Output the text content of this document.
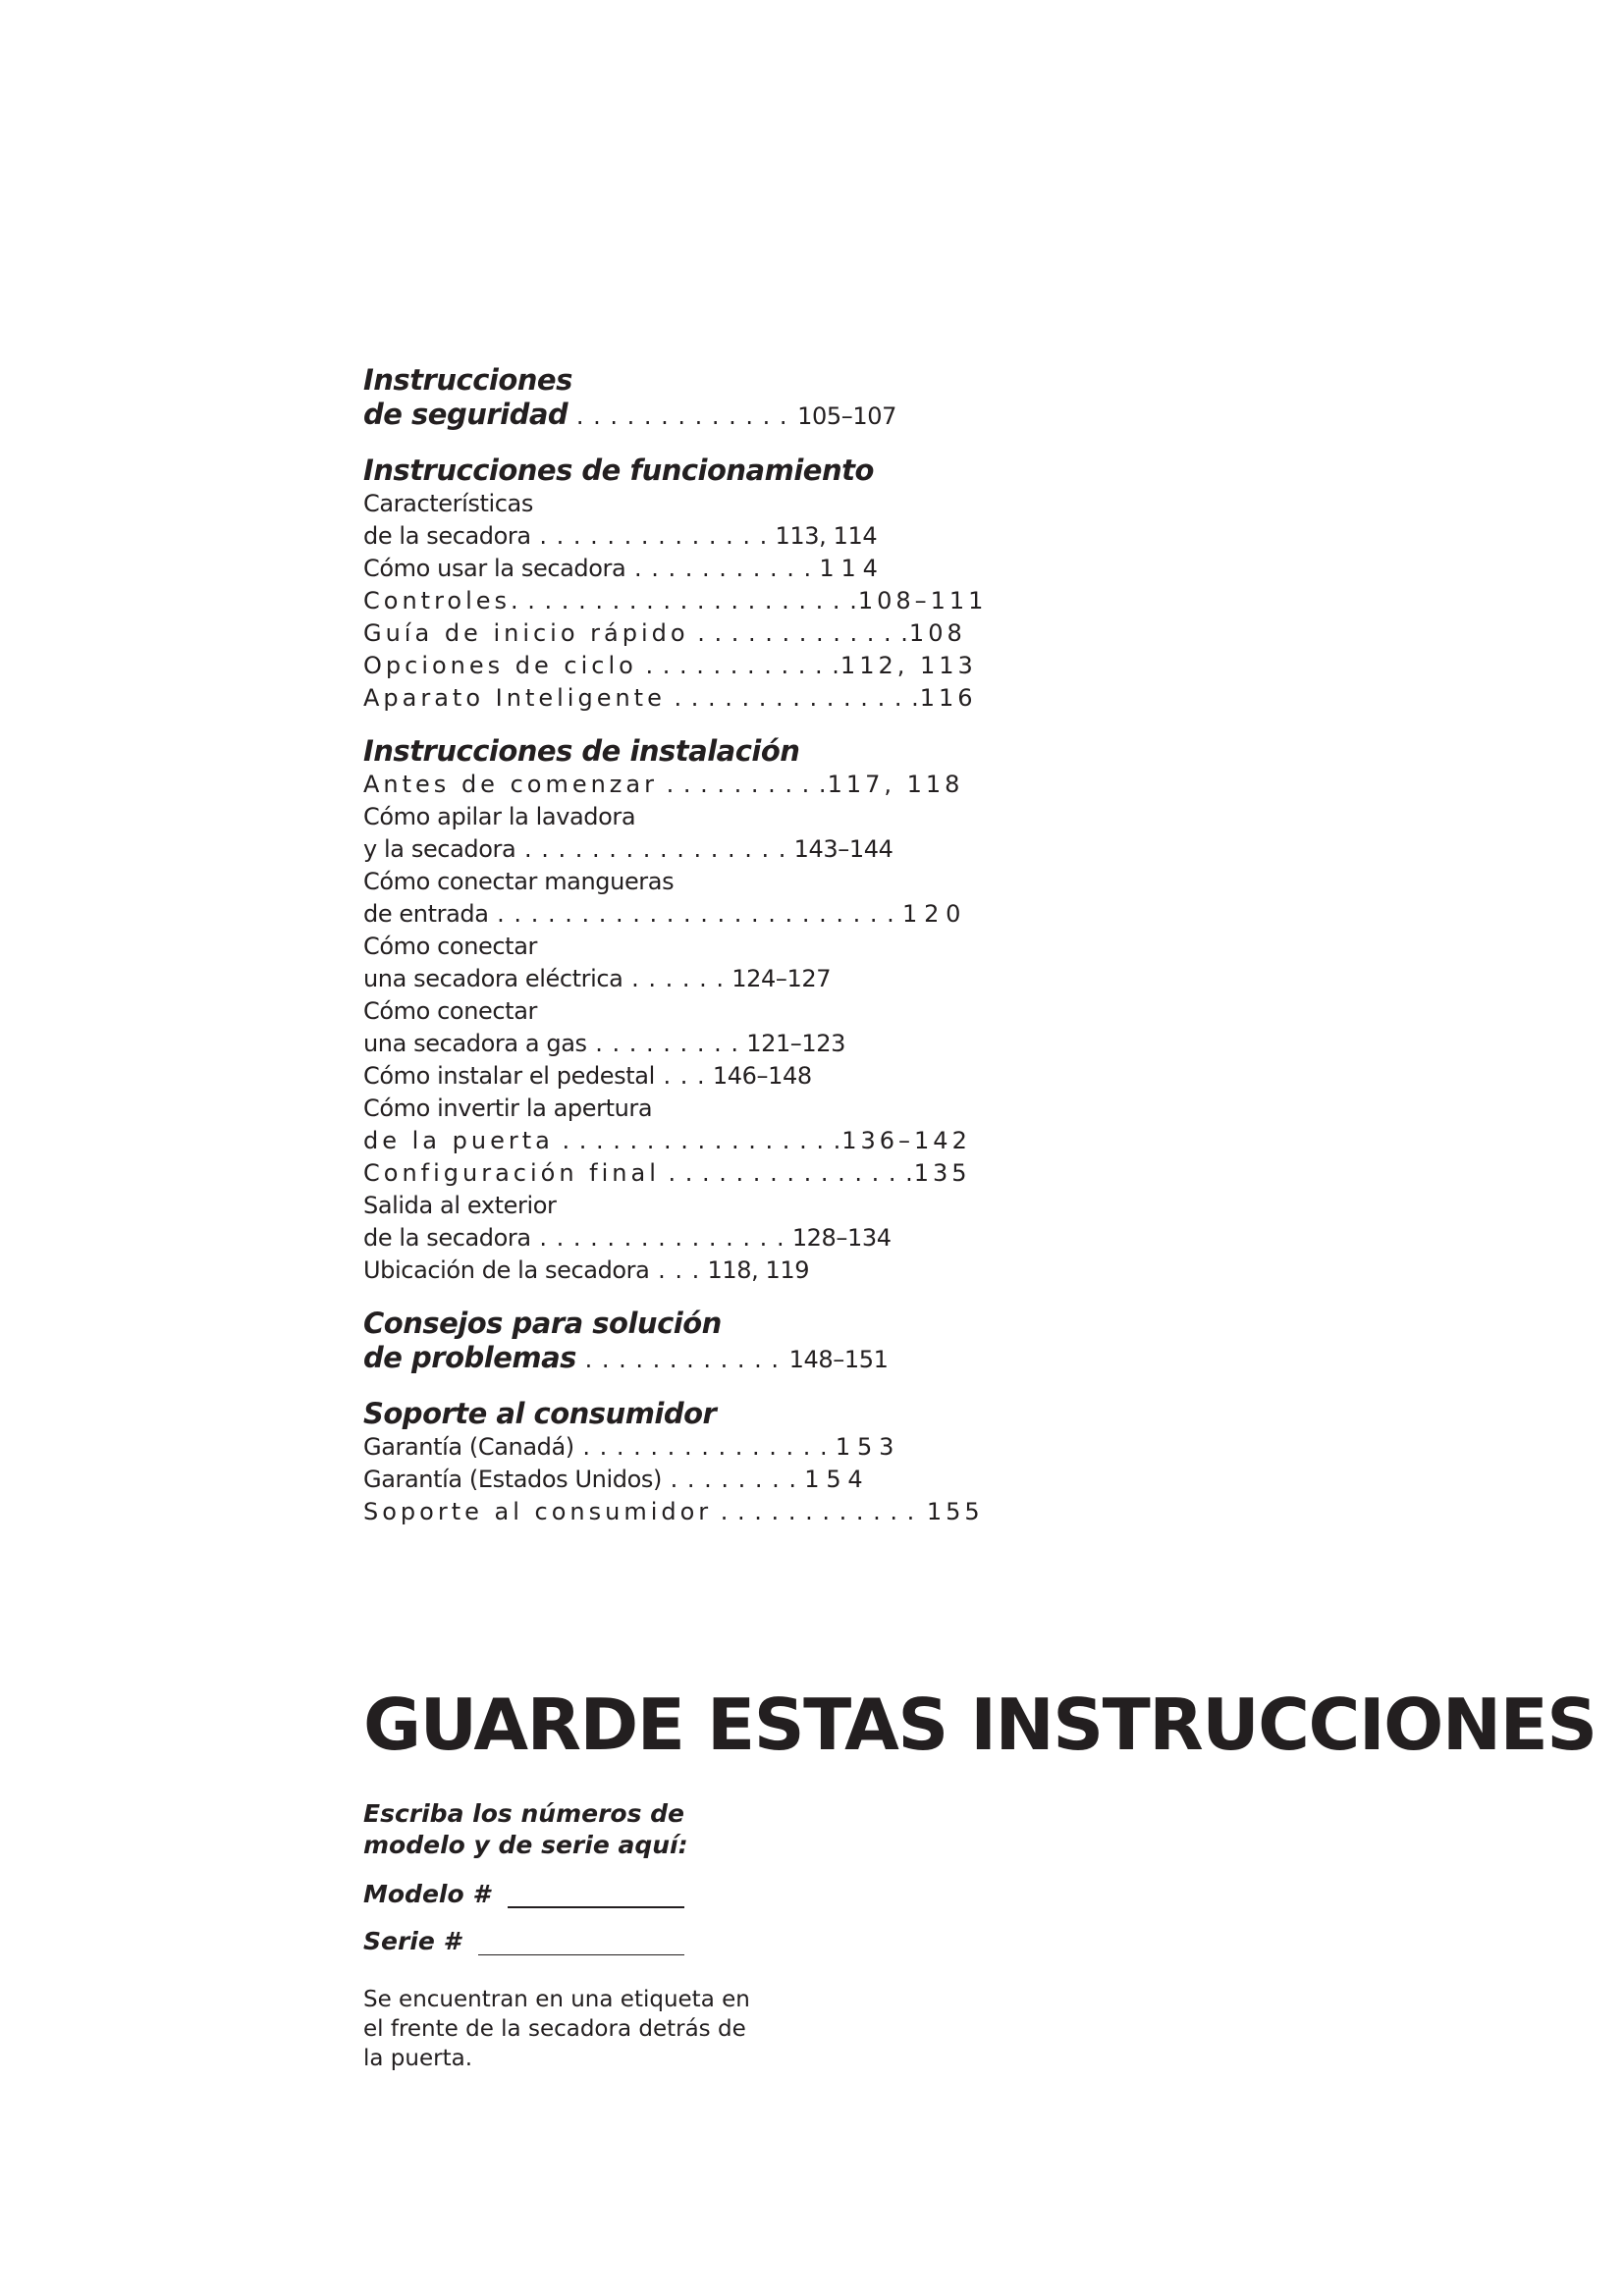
Instrucciones
de seguridad . . . . . . . . . . . . . 105–107
Instrucciones de funcionamiento
Características
de la secadora . . . . . . . . . . . . . . 113, 114
Cómo usar la secadora . . . . . . . . . . . 1 1 4
Controles. . . . . . . . . . . . . . . . . . . . .108–111
Guía de inicio rápido . . . . . . . . . . . . .108
Opciones de ciclo . . . . . . . . . . . .112, 113
Aparato Inteligente . . . . . . . . . . . . . . .116
Instrucciones de instalación
Antes de comenzar . . . . . . . . . .117, 118
Cómo apilar la lavadora
y la secadora . . . . . . . . . . . . . . . . 143–144
Cómo conectar mangueras
de entrada . . . . . . . . . . . . . . . . . . . . . . . . 1 2 0
Cómo conectar
una secadora eléctrica . . . . . . 124–127
Cómo conectar
una secadora a gas . . . . . . . . . 121–123
Cómo instalar el pedestal . . . 146–148
Cómo invertir la apertura
de la puerta . . . . . . . . . . . . . . . . .136–142
Configuración final . . . . . . . . . . . . . . .135
Salida al exterior
de la secadora . . . . . . . . . . . . . . . 128–134
Ubicación de la secadora . . . 118, 119
Consejos para solución
de problemas . . . . . . . . . . . . 148–151
Soporte al consumidor
Garantía (Canadá) . . . . . . . . . . . . . . . 1 5 3
Garantía (Estados Unidos) . . . . . . . . 1 5 4
Soporte al consumidor . . . . . . . . . . . . 155
GUARDE ESTAS INSTRUCCIONES
Escriba los números de modelo y de serie aquí:
Modelo #
Serie #
Se encuentran en una etiqueta en el frente de la secadora detrás de la puerta.
